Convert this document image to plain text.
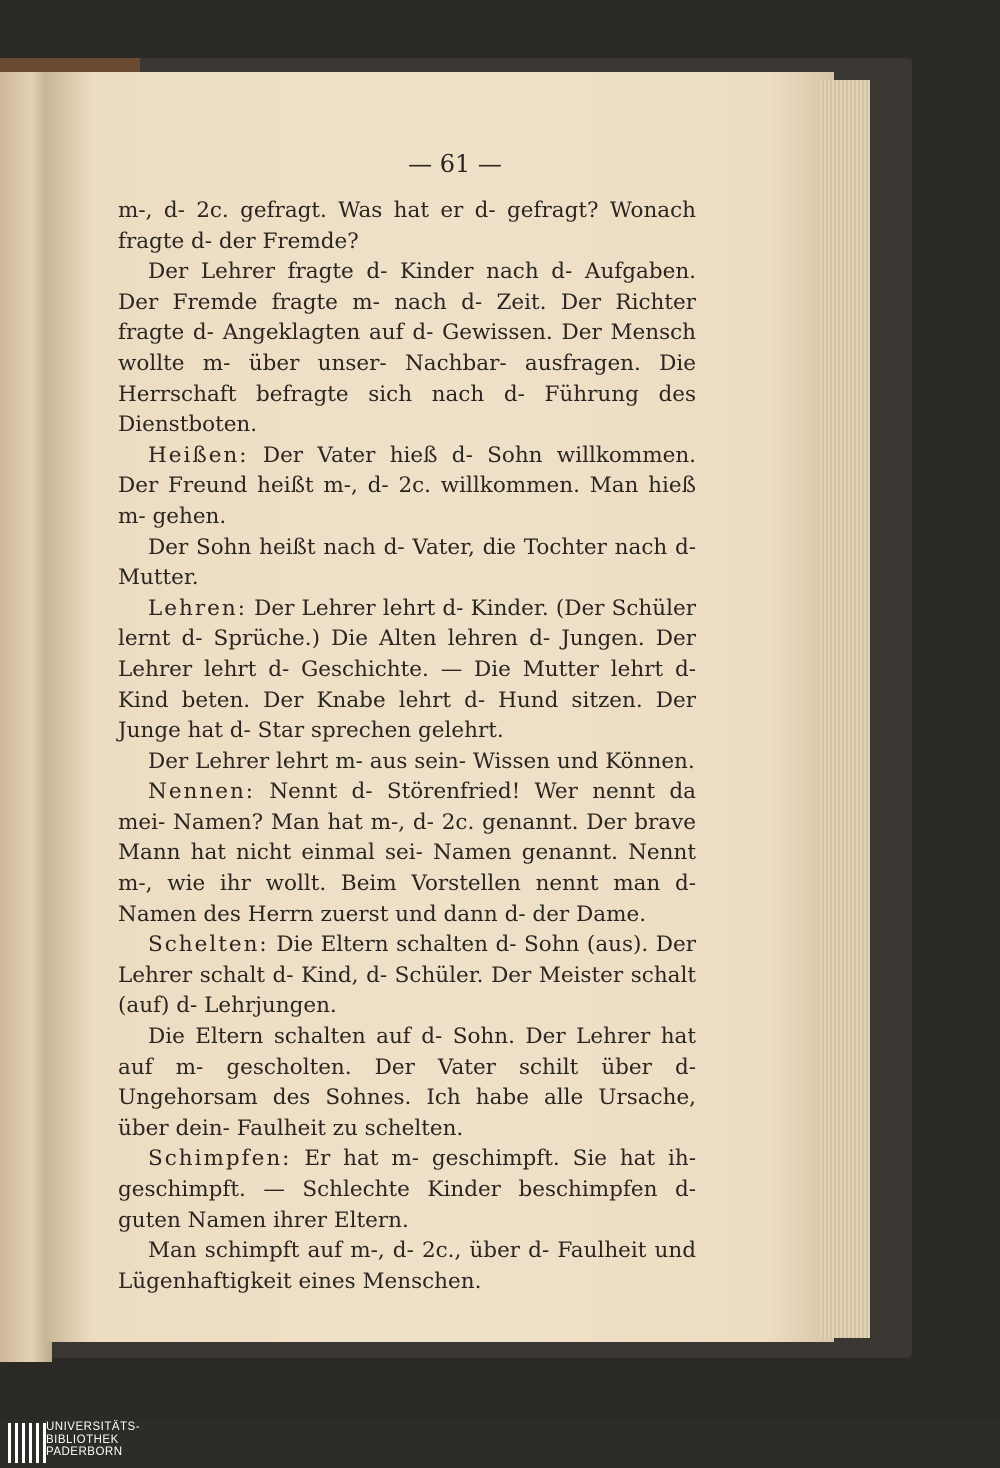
— 61 —

m-, d- 2c. gefragt. Was hat er d- gefragt? Wonach fragte d- der Fremde?

Der Lehrer fragte d- Kinder nach d- Aufgaben. Der Fremde fragte m- nach d- Zeit. Der Richter fragte d- Angeklagten auf d- Gewissen. Der Mensch wollte m- über unser- Nachbar- ausfragen. Die Herrschaft befragte sich nach d- Führung des Dienstboten.

Heißen: Der Vater hieß d- Sohn willkommen. Der Freund heißt m-, d- 2c. willkommen. Man hieß m- gehen.

Der Sohn heißt nach d- Vater, die Tochter nach d- Mutter.

Lehren: Der Lehrer lehrt d- Kinder. (Der Schüler lernt d- Sprüche.) Die Alten lehren d- Jungen. Der Lehrer lehrt d- Geschichte. — Die Mutter lehrt d- Kind beten. Der Knabe lehrt d- Hund sitzen. Der Junge hat d- Star sprechen gelehrt.

Der Lehrer lehrt m- aus sein- Wissen und Können.

Nennen: Nennt d- Störenfried! Wer nennt da mei- Namen? Man hat m-, d- 2c. genannt. Der brave Mann hat nicht einmal sei- Namen genannt. Nennt m-, wie ihr wollt. Beim Vorstellen nennt man d- Namen des Herrn zuerst und dann d- der Dame.

Schelten: Die Eltern schalten d- Sohn (aus). Der Lehrer schalt d- Kind, d- Schüler. Der Meister schalt (auf) d- Lehrjungen.

Die Eltern schalten auf d- Sohn. Der Lehrer hat auf m- gescholten. Der Vater schilt über d- Ungehorsam des Sohnes. Ich habe alle Ursache, über dein- Faulheit zu schelten.

Schimpfen: Er hat m- geschimpft. Sie hat ih- geschimpft. — Schlechte Kinder beschimpfen d- guten Namen ihrer Eltern.

Man schimpft auf m-, d- 2c., über d- Faulheit und Lügenhaftigkeit eines Menschen.

UNIVERSITÄTS-
BIBLIOTHEK
PADERBORN
